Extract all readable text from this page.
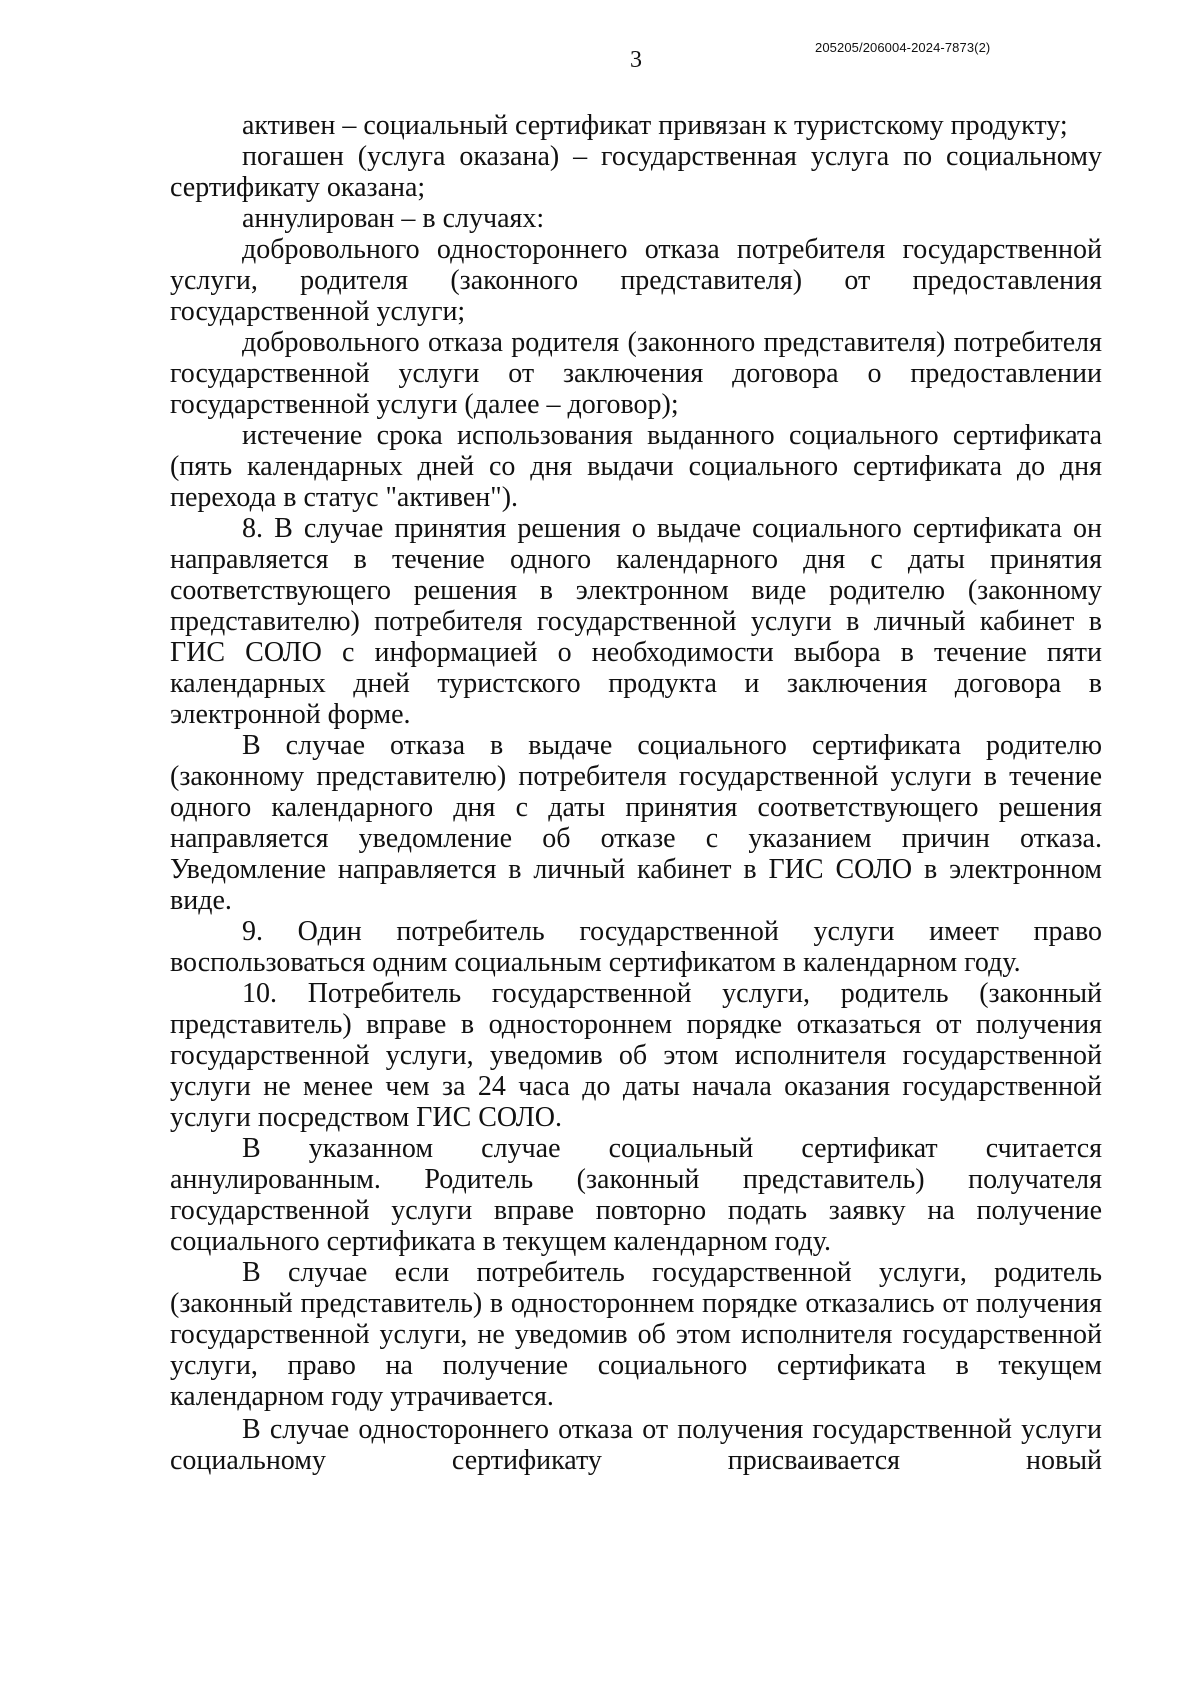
3	205205/206004-2024-7873(2)

активен – социальный сертификат привязан к туристскому продукту;

погашен (услуга оказана) – государственная услуга по социальному сертификату оказана;

аннулирован – в случаях:

добровольного одностороннего отказа потребителя государственной услуги, родителя (законного представителя) от предоставления государственной услуги;

добровольного отказа родителя (законного представителя) потребителя государственной услуги от заключения договора о предоставлении государственной услуги (далее – договор);

истечение срока использования выданного социального сертификата (пять календарных дней со дня выдачи социального сертификата до дня перехода в статус "активен").

8. В случае принятия решения о выдаче социального сертификата он направляется в течение одного календарного дня с даты принятия соответствующего решения в электронном виде родителю (законному представителю) потребителя государственной услуги в личный кабинет в ГИС СОЛО с информацией о необходимости выбора в течение пяти календарных дней туристского продукта и заключения договора в электронной форме.

В случае отказа в выдаче социального сертификата родителю (законному представителю) потребителя государственной услуги в течение одного календарного дня с даты принятия соответствующего решения направляется уведомление об отказе с указанием причин отказа. Уведомление направляется в личный кабинет в ГИС СОЛО в электронном виде.

9. Один потребитель государственной услуги имеет право воспользоваться одним социальным сертификатом в календарном году.

10. Потребитель государственной услуги, родитель (законный представитель) вправе в одностороннем порядке отказаться от получения государственной услуги, уведомив об этом исполнителя государственной услуги не менее чем за 24 часа до даты начала оказания государственной услуги посредством ГИС СОЛО.

В указанном случае социальный сертификат считается аннулированным. Родитель (законный представитель) получателя государственной услуги вправе повторно подать заявку на получение социального сертификата в текущем календарном году.

В случае если потребитель государственной услуги, родитель (законный представитель) в одностороннем порядке отказались от получения государственной услуги, не уведомив об этом исполнителя государственной услуги, право на получение социального сертификата в текущем календарном году утрачивается.

В случае одностороннего отказа от получения государственной услуги социальному сертификату присваивается новый
